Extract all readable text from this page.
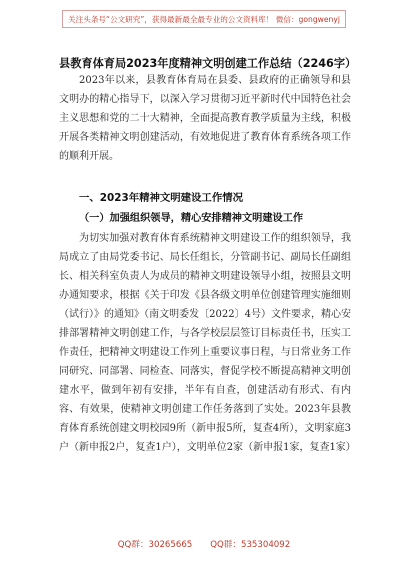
关注头条号“公文研究”，获得最新最全最专业的公文资料库！ 微信：gongwenyj
县教育体育局2023年度精神文明创建工作总结（2246字）

2023年以来，县教育体育局在县委、县政府的正确领导和县文明办的精心指导下，以深入学习贯彻习近平新时代中国特色社会主义思想和党的二十大精神，全面提高教育教学质量为主线，积极开展各类精神文明创建活动，有效地促进了教育体育系统各项工作的顺利开展。

一、2023年精神文明建设工作情况
（一）加强组织领导，精心安排精神文明建设工作

为切实加强对教育体育系统精神文明建设工作的组织领导，我局成立了由局党委书记、局长任组长，分管副书记、副局长任副组长、相关科室负责人为成员的精神文明建设领导小组，按照县文明办通知要求，根据《关于印发《县各级文明单位创建管理实施细则（试行）》的通知》（南文明委发〔2022〕4号）文件要求，精心安排部署精神文明创建工作，与各学校层层签订目标责任书，压实工作责任，把精神文明建设工作列上重要议事日程，与日常业务工作同研究、同部署、同检查、同落实，督促学校不断提高精神文明创建水平，做到年初有安排，半年有自查，创建活动有形式、有内容、有效果，使精神文明创建工作任务落到了实处。2023年县教育体育系统创建文明校园9所（新申报5所，复查4所），文明家庭3户（新申报2户，复查1户），文明单位2家（新申报1家，复查1家）

QQ群：30265665 QQ群：535304092
